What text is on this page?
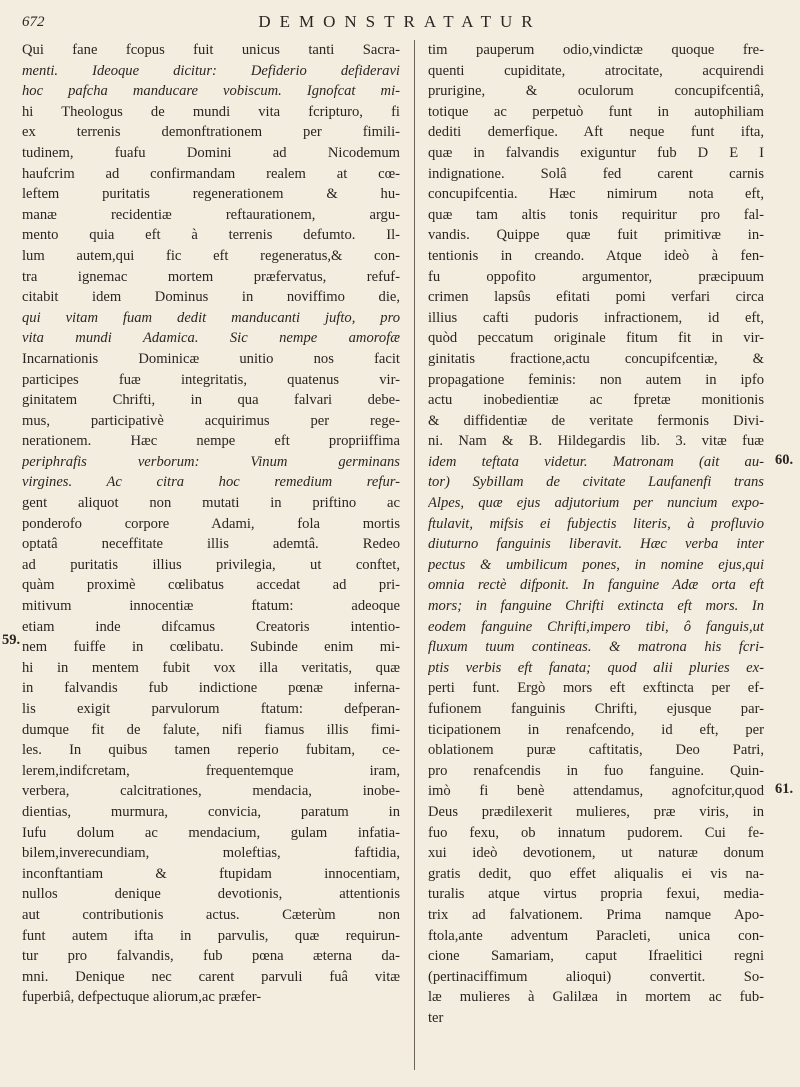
672	DEMONSTRATATUR
59.
60.
61.
Qui fane fcopus fuit unicus tanti Sacra-
menti. Ideoque dicitur: Defiderio defideravi
hoc pafcha manducare vobiscum. Ignofcat mi-
hi Theologus de mundi vita fcripturo, fi
ex terrenis demonftrationem per fimili-
tudinem, fuafu Domini ad Nicodemum
haufcrim ad confirmandam realem at cœ-
leftem puritatis regenerationem & hu-
manæ recidentiæ reftaurationem, argu-
mento quia eft à terrenis defumto. Il-
lum autem,qui fic eft regeneratus,& con-
tra ignemac mortem præfervatus, refuf-
citabit idem Dominus in noviffimo die,
qui vitam fuam dedit manducanti jufto, pro
vita mundi Adamica. Sic nempe amorofæ
Incarnationis Dominicæ unitio nos facit
participes fuæ integritatis, quatenus vir-
ginitatem Chrifti, in qua falvari debe-
mus, participativè acquirimus per rege-
nerationem. Hæc nempe eft propriiffima
periphrafis verborum: Vinum germinans
virgines. Ac citra hoc remedium refur-
gent aliquot non mutati in priftino ac
ponderofo corpore Adami, fola mortis
optatâ neceffitate illis ademtâ. Redeo
ad puritatis illius privilegia, ut conftet,
quàm proximè cœlibatus accedat ad pri-
mitivum innocentiæ ftatum: adeoque
etiam inde difcamus Creatoris intentio-
nem fuiffe in cœlibatu. Subinde enim mi-
hi in mentem fubit vox illa veritatis, quæ
in falvandis fub indictione pœnæ inferna-
lis exigit parvulorum ftatum: defperan-
dumque fit de falute, nifi fiamus illis fimi-
les. In quibus tamen reperio fubitam, ce-
lerem,indifcretam, frequentemque iram,
verbera, calcitrationes, mendacia, inobe-
dientias, murmura, convicia, paratum in
Iufu dolum ac mendacium, gulam infatia-
bilem,inverecundiam, moleftias, faftidia,
inconftantiam & ftupidam innocentiam,
nullos denique devotionis, attentionis
aut contributionis actus. Cæterùm non
funt autem ifta in parvulis, quæ requirun-
tur pro falvandis, fub pœna æterna da-
mni. Denique nec carent parvuli fuâ vitæ
fuperbiâ, defpectuque aliorum,ac præfer-
tim pauperum odio,vindictæ quoque fre-
quenti cupiditate, atrocitate, acquirendi
prurigine, & oculorum concupifcentiâ,
totique ac perpetuò funt in autophiliam
dediti demerfique. Aft neque funt ifta,
quæ in falvandis exiguntur fub D E I
indignatione. Solâ fed carent carnis
concupifcentia. Hæc nimirum nota eft,
quæ tam altis tonis requiritur pro fal-
vandis. Quippe quæ fuit primitivæ in-
tentionis in creando. Atque ideò à fen-
fu oppofito argumentor, præcipuum
crimen lapsûs efitati pomi verfari circa
illius cafti pudoris infractionem, id eft,
quòd peccatum originale fitum fit in vir-
ginitatis fractione,actu concupifcentiæ, &
propagatione feminis: non autem in ipfo
actu inobedientiæ ac fpretæ monitionis
& diffidentiæ de veritate fermonis Divi-
ni. Nam & B. Hildegardis lib. 3. vitæ fuæ
idem teftata videtur. Matronam (ait au-
tor) Sybillam de civitate Laufanenfi trans
Alpes, quæ ejus adjutorium per nuncium expo-
ftulavit, mifsis ei fubjectis literis, à profluvio
diuturno fanguinis liberavit. Hæc verba inter
pectus & umbilicum pones, in nomine ejus,qui
omnia rectè difponit. In fanguine Adæ orta eft
mors; in fanguine Chrifti extincta eft mors. In
eodem fanguine Chrifti,impero tibi, ô fanguis,ut
fluxum tuum contineas. & matrona his fcri-
ptis verbis eft fanata; quod alii pluries ex-
perti funt. Ergò mors eft exftincta per ef-
fufionem fanguinis Chrifti, ejusque par-
ticipationem in renafcendo, id eft, per
oblationem puræ caftitatis, Deo Patri,
pro renafcendis in fuo fanguine. Quin-
imò fi benè attendamus, agnofcitur,quod
Deus prædilexerit mulieres, præ viris, in
fuo fexu, ob innatum pudorem. Cui fe-
xui ideò devotionem, ut naturæ donum
gratis dedit, quo effet aliqualis ei vis na-
turalis atque virtus propria fexui, media-
trix ad falvationem. Prima namque Apo-
ftola,ante adventum Paracleti, unica con-
cione Samariam, caput Ifraelitici regni
(pertinaciffimum alioqui) convertit. So-
læ mulieres à Galilæa in mortem ac fub-
ter
